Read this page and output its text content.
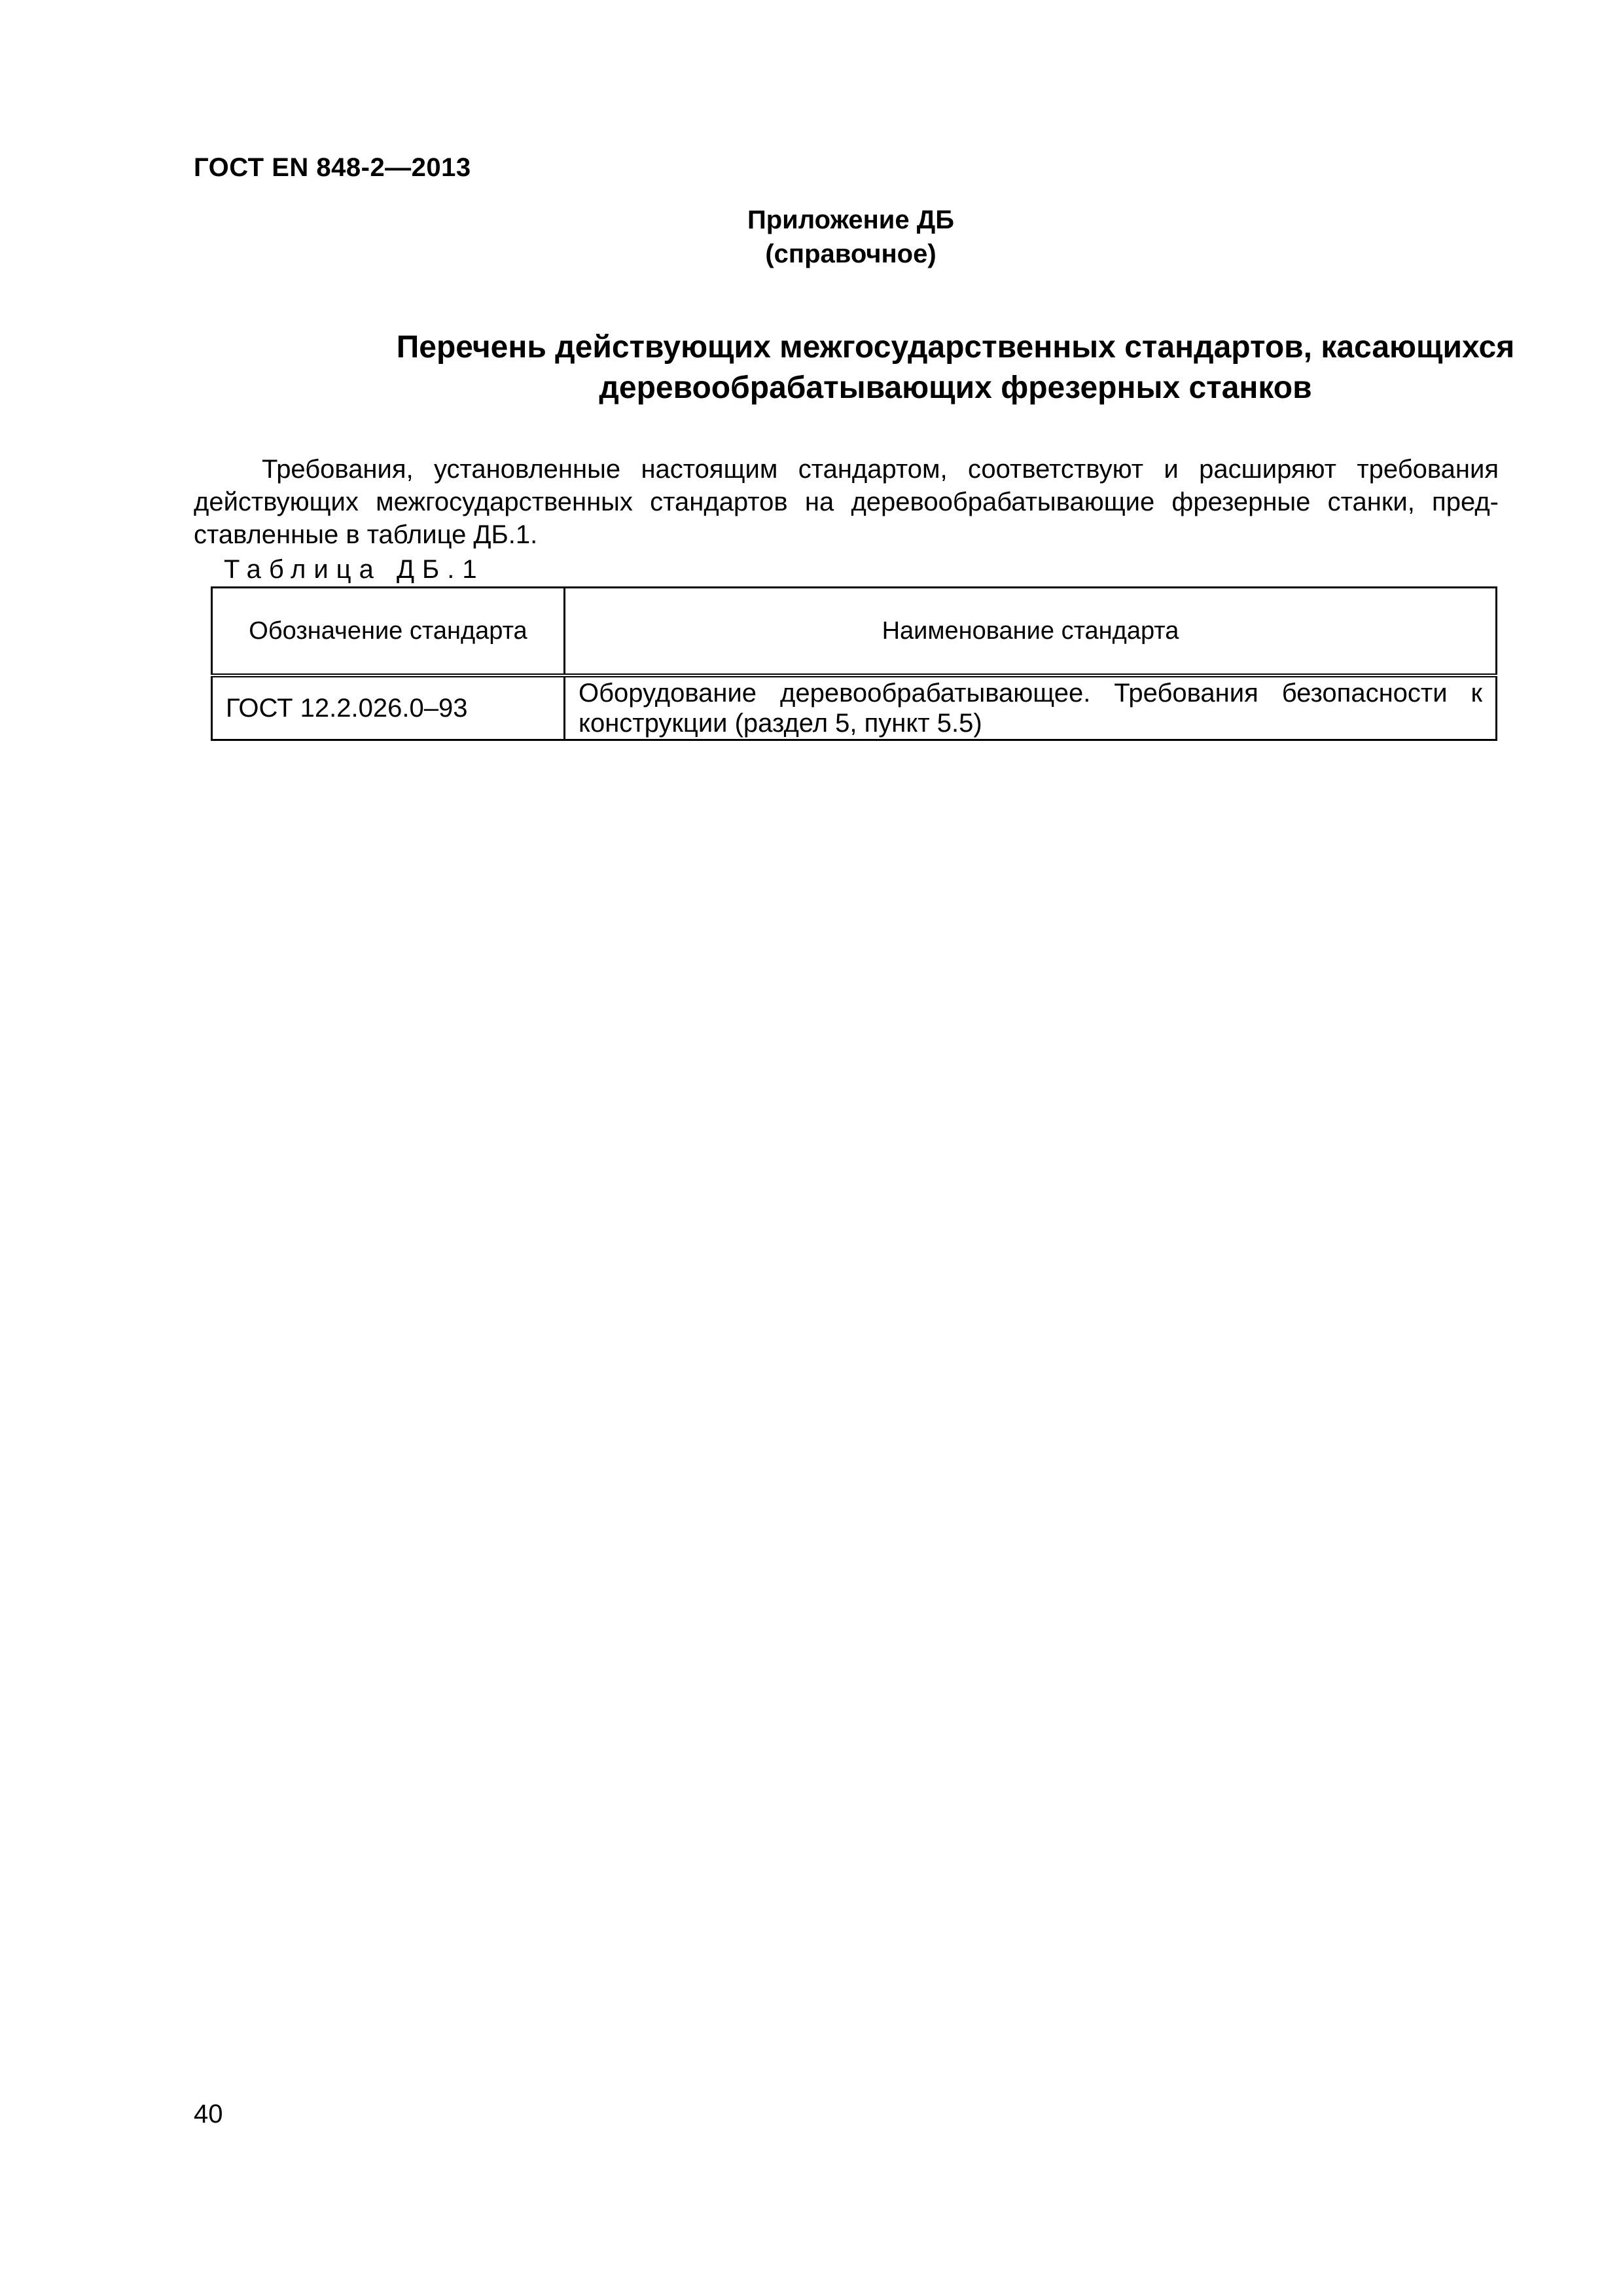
ГОСТ EN 848-2—2013
Приложение ДБ
(справочное)
Перечень действующих межгосударственных стандартов, касающихся
деревообрабатывающих фрезерных станков

Требования, установленные настоящим стандартом, соответствуют и расширяют требования действующих межгосударственных стандартов на деревообрабатывающие фрезерные станки, представленные в таблице ДБ.1.

Таблица ДБ.1
Обозначение стандарта	Наименование стандарта
ГОСТ 12.2.026.0–93	Оборудование деревообрабатывающее. Требования безопасности к конструкции (раздел 5, пункт 5.5)
40
